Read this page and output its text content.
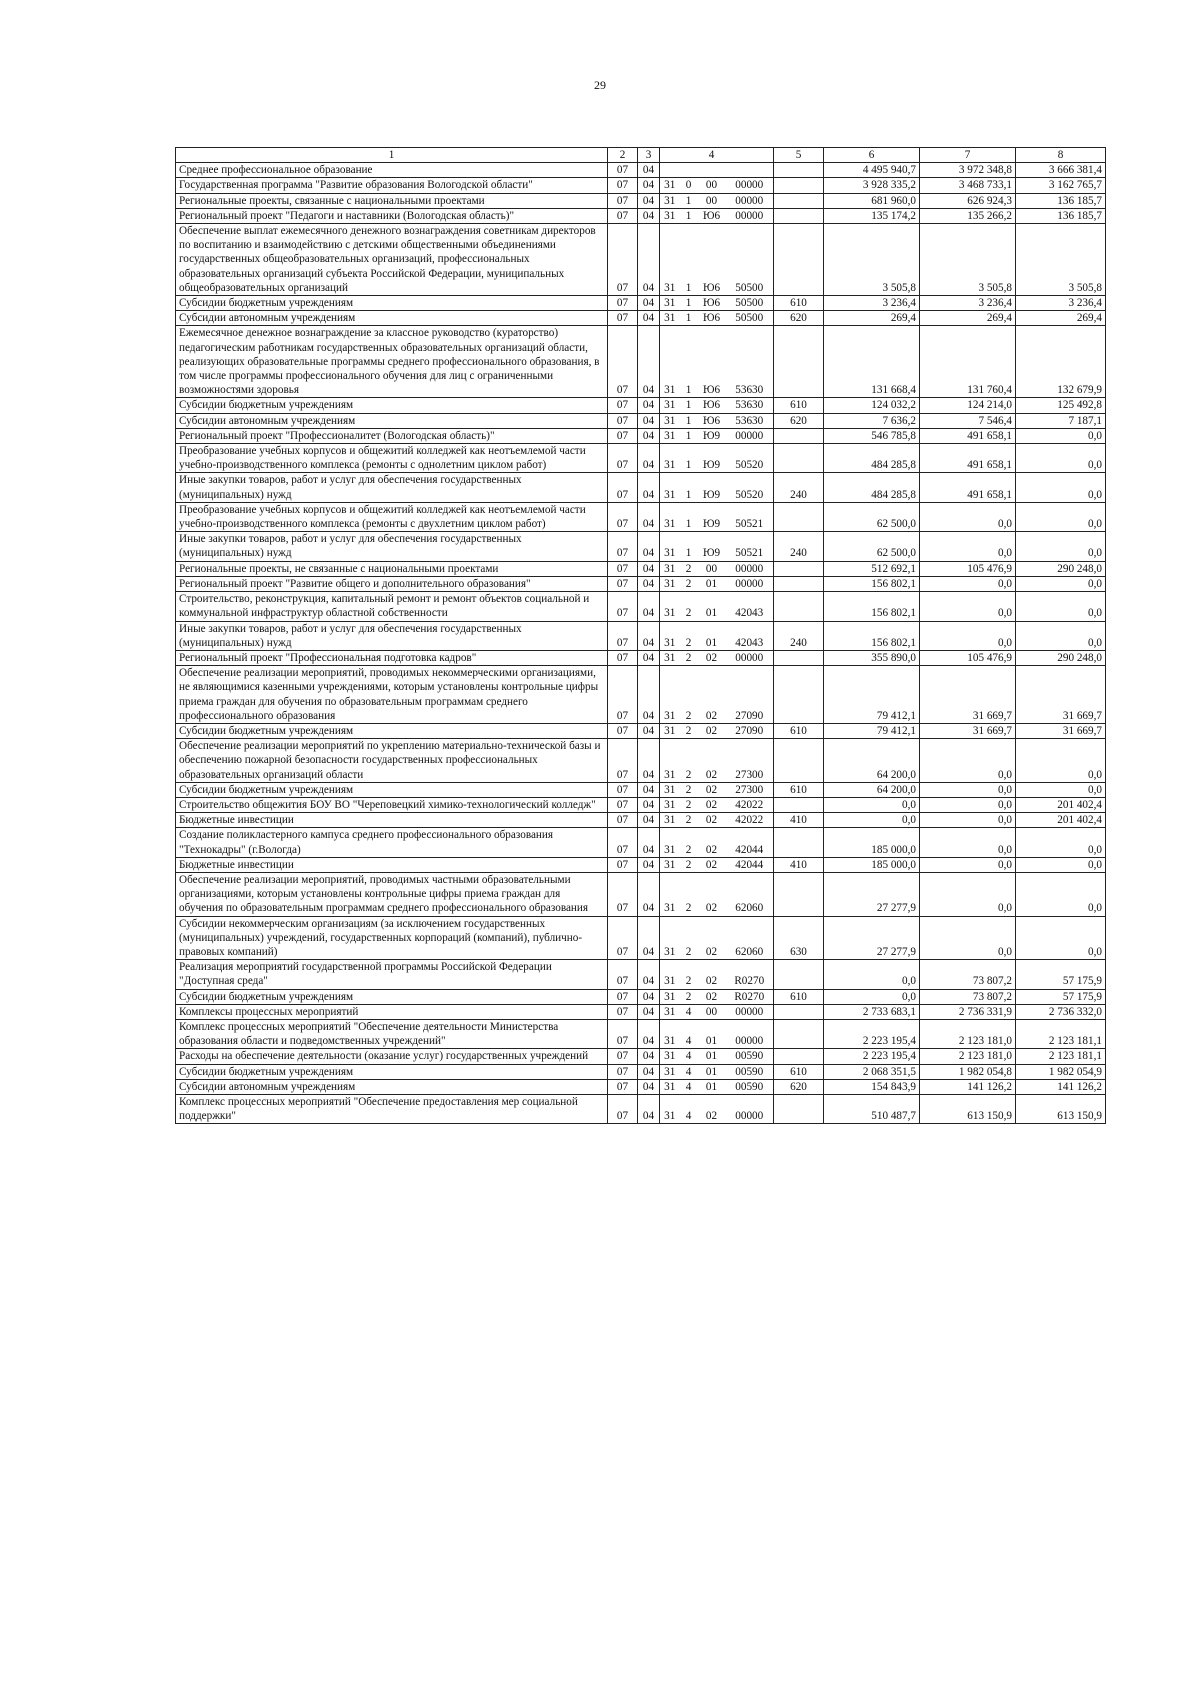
29
1	2	3			4		5	6	7	8
Среднее профессиональное образование	07	04						4 495 940,7	3 972 348,8	3 666 381,4
Государственная программа "Развитие образования Вологодской области"	07	04	31	0	00	00000		3 928 335,2	3 468 733,1	3 162 765,7
Региональные проекты, связанные с национальными проектами	07	04	31	1	00	00000		681 960,0	626 924,3	136 185,7
Региональный проект "Педагоги и наставники (Вологодская область)"	07	04	31	1	Ю6	00000		135 174,2	135 266,2	136 185,7
Обеспечение выплат ежемесячного денежного вознаграждения советникам директоров по воспитанию и взаимодействию с детскими общественными объединениями государственных общеобразовательных организаций, профессиональных образовательных организаций субъекта Российской Федерации, муниципальных общеобразовательных организаций	07	04	31	1	Ю6	50500		3 505,8	3 505,8	3 505,8
Субсидии бюджетным учреждениям	07	04	31	1	Ю6	50500	610	3 236,4	3 236,4	3 236,4
Субсидии автономным учреждениям	07	04	31	1	Ю6	50500	620	269,4	269,4	269,4
Ежемесячное денежное вознаграждение за классное руководство (кураторство) педагогическим работникам государственных образовательных организаций области, реализующих образовательные программы среднего профессионального образования, в том числе программы профессионального обучения для лиц с ограниченными возможностями здоровья	07	04	31	1	Ю6	53630		131 668,4	131 760,4	132 679,9
Субсидии бюджетным учреждениям	07	04	31	1	Ю6	53630	610	124 032,2	124 214,0	125 492,8
Субсидии автономным учреждениям	07	04	31	1	Ю6	53630	620	7 636,2	7 546,4	7 187,1
Региональный проект "Профессионалитет (Вологодская область)"	07	04	31	1	Ю9	00000		546 785,8	491 658,1	0,0
Преобразование учебных корпусов и общежитий колледжей как неотъемлемой части учебно-производственного комплекса (ремонты с однолетним циклом работ)	07	04	31	1	Ю9	50520		484 285,8	491 658,1	0,0
Иные закупки товаров, работ и услуг для обеспечения государственных (муниципальных) нужд	07	04	31	1	Ю9	50520	240	484 285,8	491 658,1	0,0
Преобразование учебных корпусов и общежитий колледжей как неотъемлемой части учебно-производственного комплекса (ремонты с двухлетним циклом работ)	07	04	31	1	Ю9	50521		62 500,0	0,0	0,0
Иные закупки товаров, работ и услуг для обеспечения государственных (муниципальных) нужд	07	04	31	1	Ю9	50521	240	62 500,0	0,0	0,0
Региональные проекты, не связанные с национальными проектами	07	04	31	2	00	00000		512 692,1	105 476,9	290 248,0
Региональный проект "Развитие общего и дополнительного образования"	07	04	31	2	01	00000		156 802,1	0,0	0,0
Строительство, реконструкция, капитальный ремонт и ремонт объектов социальной и коммунальной инфраструктур областной собственности	07	04	31	2	01	42043		156 802,1	0,0	0,0
Иные закупки товаров, работ и услуг для обеспечения государственных (муниципальных) нужд	07	04	31	2	01	42043	240	156 802,1	0,0	0,0
Региональный проект "Профессиональная подготовка кадров"	07	04	31	2	02	00000		355 890,0	105 476,9	290 248,0
Обеспечение реализации мероприятий, проводимых некоммерческими организациями, не являющимися казенными учреждениями, которым установлены контрольные цифры приема граждан для обучения по образовательным программам среднего профессионального образования	07	04	31	2	02	27090		79 412,1	31 669,7	31 669,7
Субсидии бюджетным учреждениям	07	04	31	2	02	27090	610	79 412,1	31 669,7	31 669,7
Обеспечение реализации мероприятий по укреплению материально-технической базы и обеспечению пожарной безопасности государственных профессиональных образовательных организаций области	07	04	31	2	02	27300		64 200,0	0,0	0,0
Субсидии бюджетным учреждениям	07	04	31	2	02	27300	610	64 200,0	0,0	0,0
Строительство общежития БОУ ВО "Череповецкий химико-технологический колледж"	07	04	31	2	02	42022		0,0	0,0	201 402,4
Бюджетные инвестиции	07	04	31	2	02	42022	410	0,0	0,0	201 402,4
Создание поликластерного кампуса среднего профессионального образования "Технокадры" (г.Вологда)	07	04	31	2	02	42044		185 000,0	0,0	0,0
Бюджетные инвестиции	07	04	31	2	02	42044	410	185 000,0	0,0	0,0
Обеспечение реализации мероприятий, проводимых частными образовательными организациями, которым установлены контрольные цифры приема граждан для обучения по образовательным программам среднего профессионального образования	07	04	31	2	02	62060		27 277,9	0,0	0,0
Субсидии некоммерческим организациям (за исключением государственных (муниципальных) учреждений, государственных корпораций (компаний), публично-правовых компаний)	07	04	31	2	02	62060	630	27 277,9	0,0	0,0
Реализация мероприятий государственной программы Российской Федерации "Доступная среда"	07	04	31	2	02	R0270		0,0	73 807,2	57 175,9
Субсидии бюджетным учреждениям	07	04	31	2	02	R0270	610	0,0	73 807,2	57 175,9
Комплексы процессных мероприятий	07	04	31	4	00	00000		2 733 683,1	2 736 331,9	2 736 332,0
Комплекс процессных мероприятий "Обеспечение деятельности Министерства образования области и подведомственных учреждений"	07	04	31	4	01	00000		2 223 195,4	2 123 181,0	2 123 181,1
Расходы на обеспечение деятельности (оказание услуг) государственных учреждений	07	04	31	4	01	00590		2 223 195,4	2 123 181,0	2 123 181,1
Субсидии бюджетным учреждениям	07	04	31	4	01	00590	610	2 068 351,5	1 982 054,8	1 982 054,9
Субсидии автономным учреждениям	07	04	31	4	01	00590	620	154 843,9	141 126,2	141 126,2
Комплекс процессных мероприятий "Обеспечение предоставления мер социальной поддержки"	07	04	31	4	02	00000		510 487,7	613 150,9	613 150,9
